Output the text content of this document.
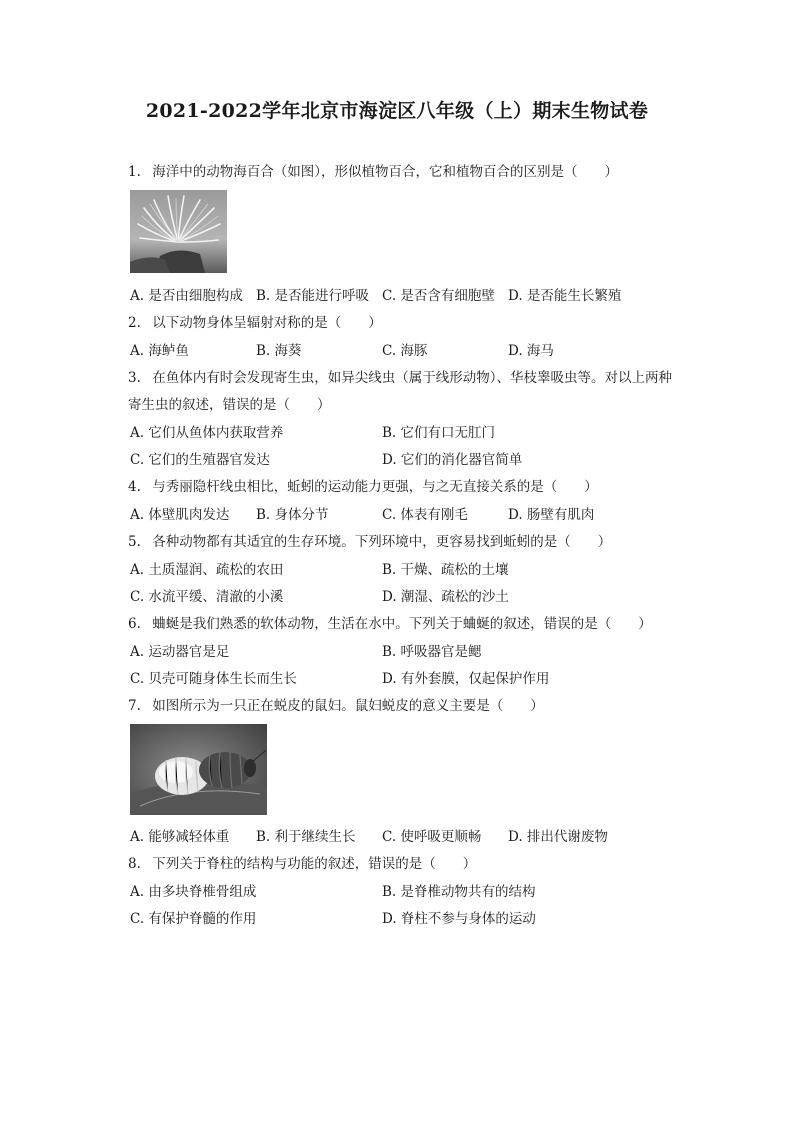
2021-2022学年北京市海淀区八年级（上）期末生物试卷
1. 海洋中的动物海百合（如图），形似植物百合，它和植物百合的区别是（　　）
A. 是否由细胞构成 B. 是否能进行呼吸 C. 是否含有细胞壁 D. 是否能生长繁殖
2. 以下动物身体呈辐射对称的是（　　）
A. 海鲈鱼	B. 海葵	C. 海豚	D. 海马
3. 在鱼体内有时会发现寄生虫，如异尖线虫（属于线形动物）、华枝睾吸虫等。对以上两种
寄生虫的叙述，错误的是（　　）
A. 它们从鱼体内获取营养	B. 它们有口无肛门
C. 它们的生殖器官发达	D. 它们的消化器官简单
4. 与秀丽隐杆线虫相比，蚯蚓的运动能力更强，与之无直接关系的是（　　）
A. 体壁肌肉发达 B. 身体分节	C. 体表有刚毛	D. 肠壁有肌肉
5. 各种动物都有其适宜的生存环境。下列环境中，更容易找到蚯蚓的是（　　）
A. 土质湿润、疏松的农田	B. 干燥、疏松的土壤
C. 水流平缓、清澈的小溪	D. 潮湿、疏松的沙土
6. 蛐蜒是我们熟悉的软体动物，生活在水中。下列关于蛐蜒的叙述，错误的是（　　）
A. 运动器官是足	B. 呼吸器官是鳃
C. 贝壳可随身体生长而生长	D. 有外套膜，仅起保护作用
7. 如图所示为一只正在蜕皮的鼠妇。鼠妇蜕皮的意义主要是（　　）
A. 能够减轻体重 B. 利于继续生长 C. 使呼吸更顺畅 D. 排出代谢废物
8. 下列关于脊柱的结构与功能的叙述，错误的是（　　）
A. 由多块脊椎骨组成	B. 是脊椎动物共有的结构
C. 有保护脊髓的作用	D. 脊柱不参与身体的运动
